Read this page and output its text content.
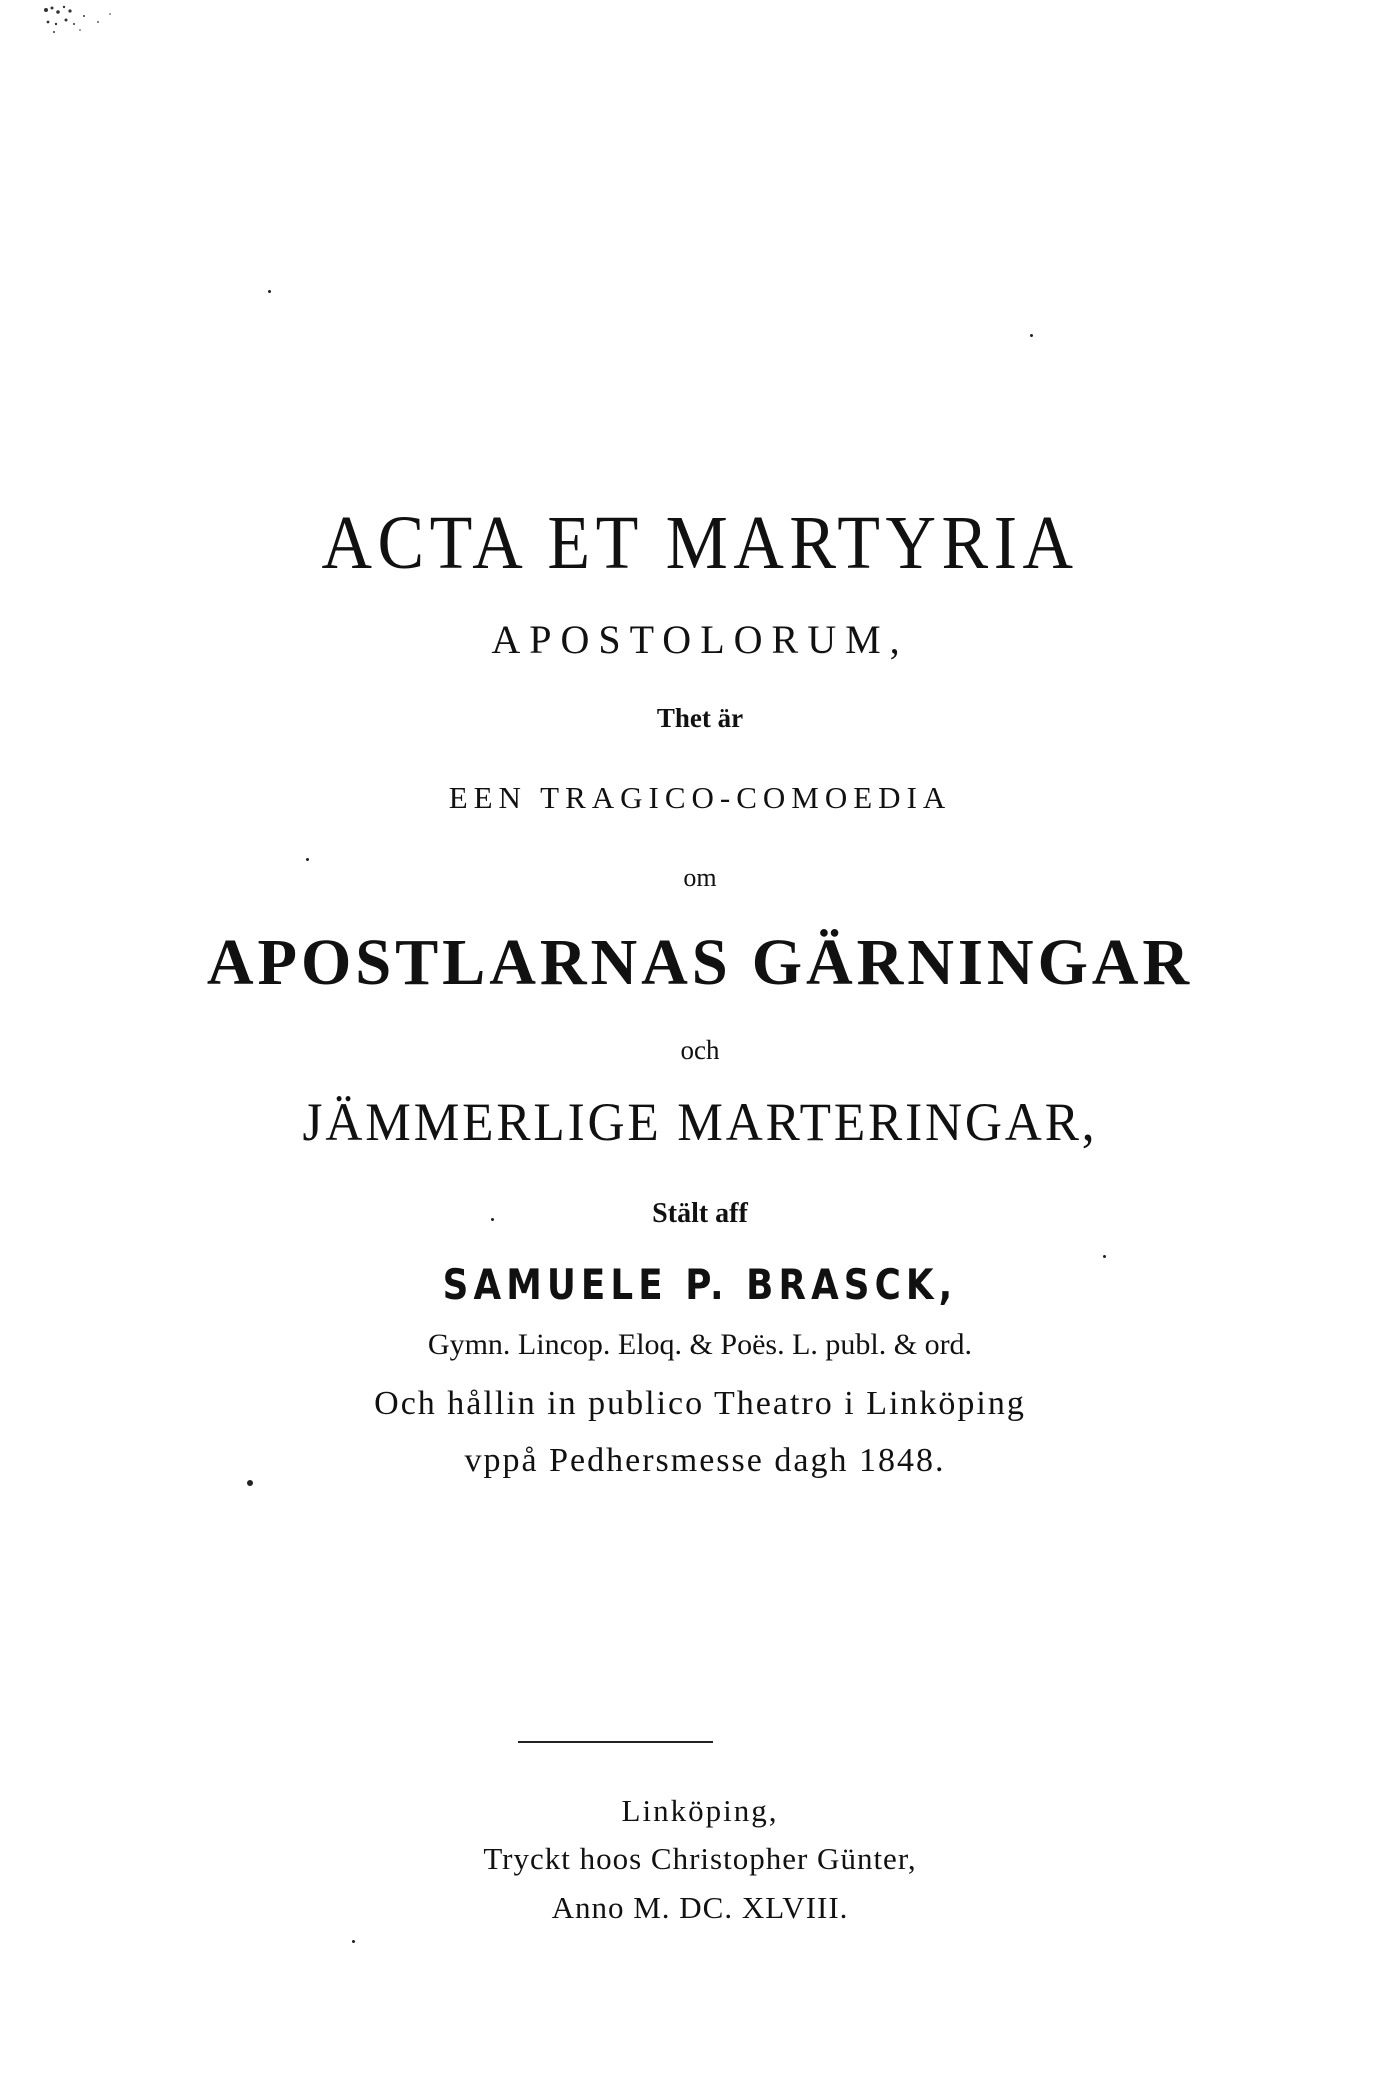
ACTA ET MARTYRIA
APOSTOLORUM,
Thet är
EEN TRAGICO-COMOEDIA
om
APOSTLARNAS GÄRNINGAR
och
JÄMMERLIGE MARTERINGAR,
Stält aff
SAMUELE P. BRASCK,
Gymn. Lincop. Eloq. & Poës. L. publ. & ord.
Och hållin in publico Theatro i Linköping
vppå Pedhersmesse dagh 1848.
Linköping,
Tryckt hoos Christopher Günter,
Anno M. DC. XLVIII.
